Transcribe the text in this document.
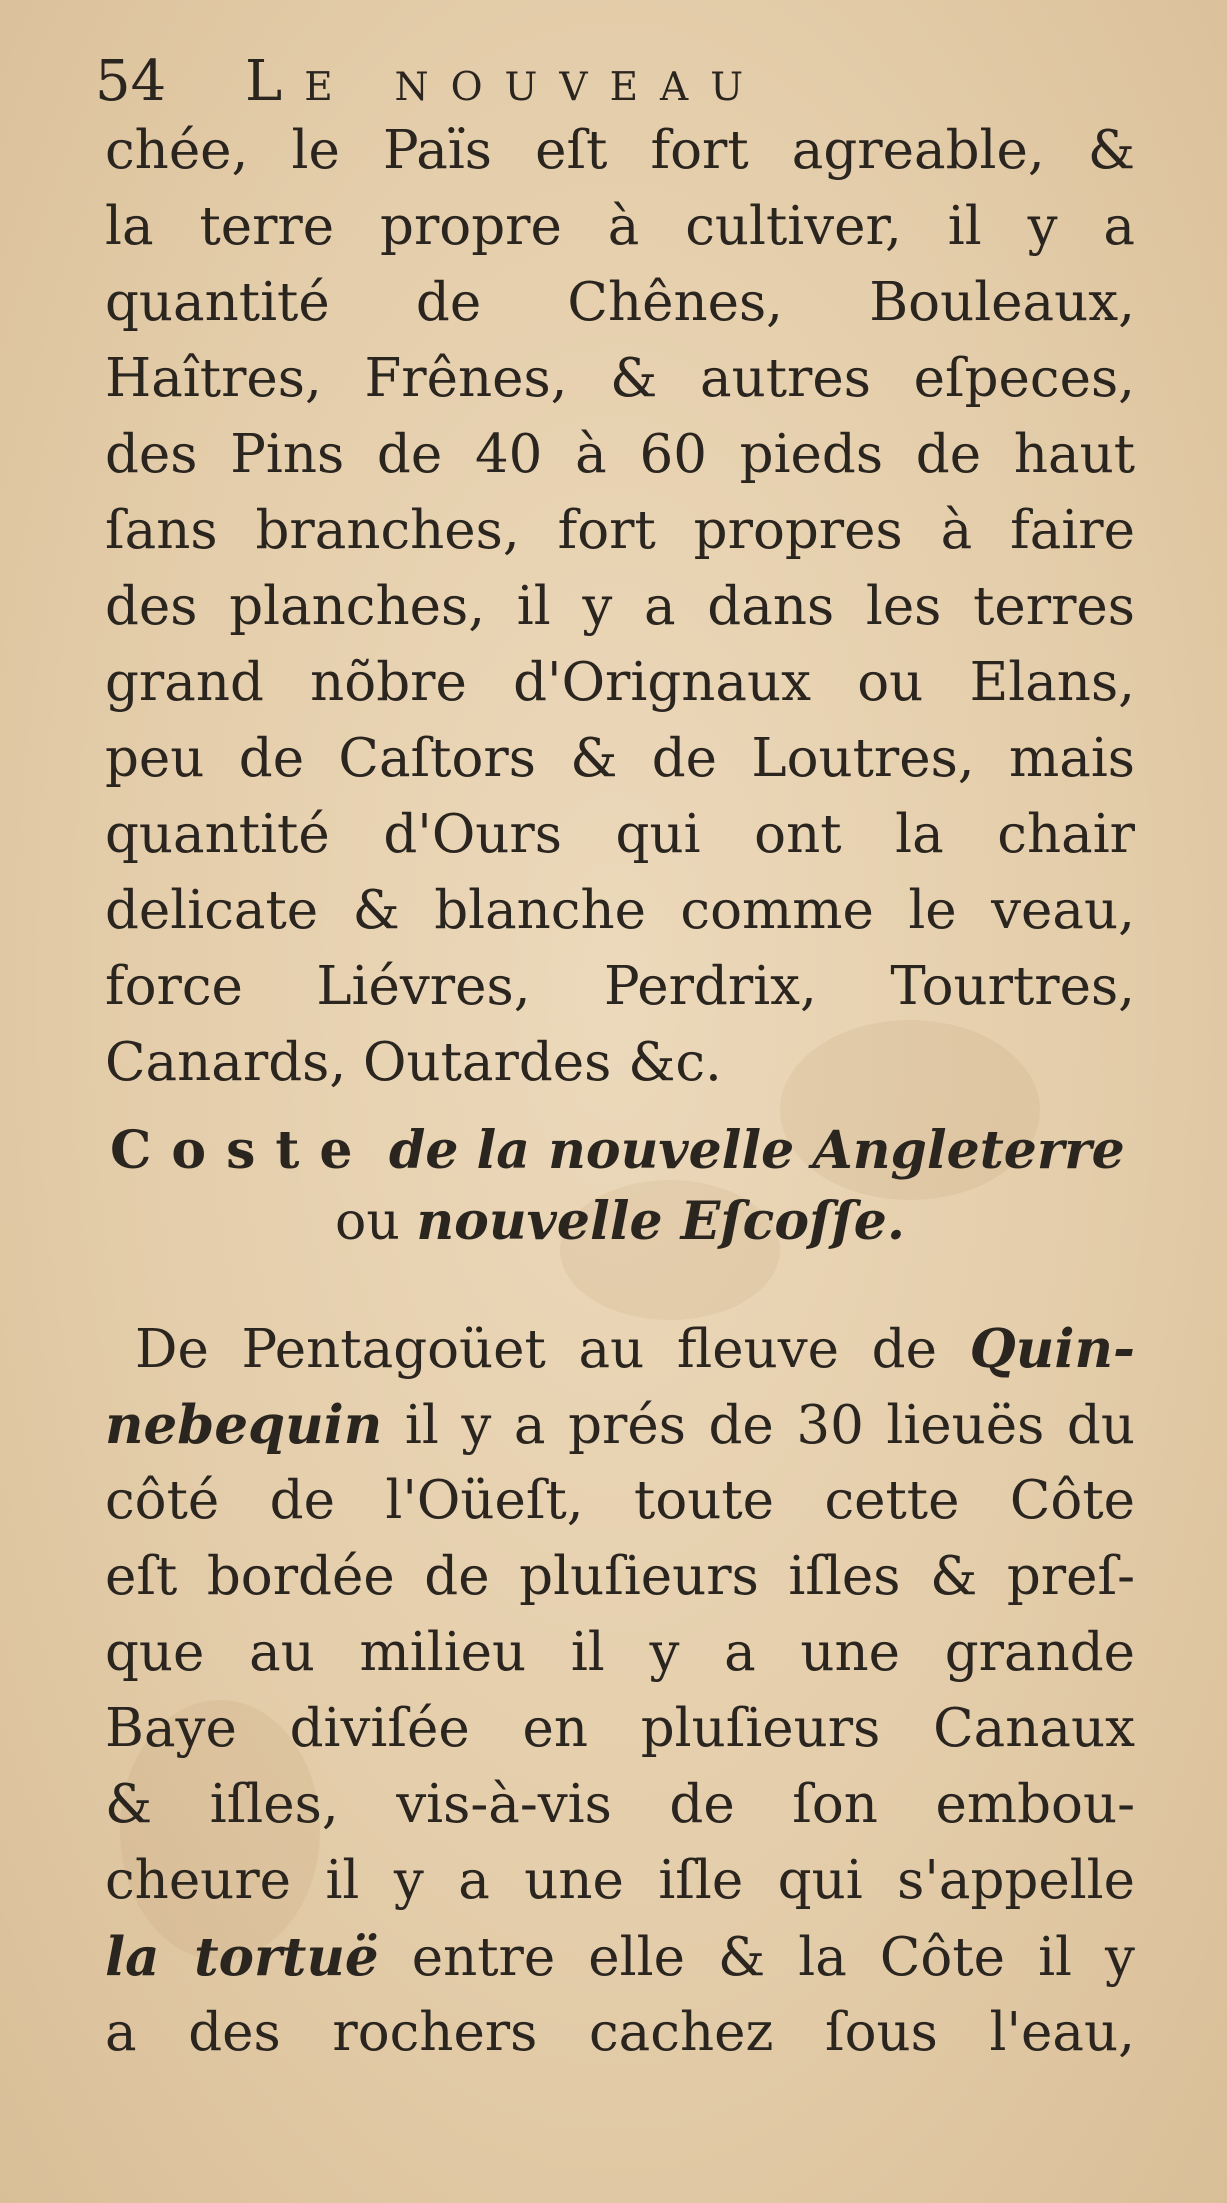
54 Le nouveau
chée, le Païs eſt fort agreable, &
la terre propre à cultiver, il y a
quantité de Chênes, Bouleaux,
Haîtres, Frênes, & autres eſpeces,
des Pins de 40 à 60 pieds de haut
ſans branches, fort propres à faire
des planches, il y a dans les terres
grand nõbre d'Orignaux ou Elans,
peu de Caſtors & de Loutres, mais
quantité d'Ours qui ont la chair
delicate & blanche comme le veau,
force Liévres, Perdrix, Tourtres,
Canards, Outardes &c.
Coste de la nouvelle Angleterre
ou nouvelle Eſcoſſe.
De Pentagoüet au fleuve de Quin-
nebequin il y a prés de 30 lieuës du
côté de l'Oüeſt, toute cette Côte
eſt bordée de pluſieurs iſles & preſ-
que au milieu il y a une grande
Baye diviſée en pluſieurs Canaux
& iſles, vis-à-vis de ſon embou-
cheure il y a une iſle qui s'appelle
la tortuë entre elle & la Côte il y
a des rochers cachez ſous l'eau,
